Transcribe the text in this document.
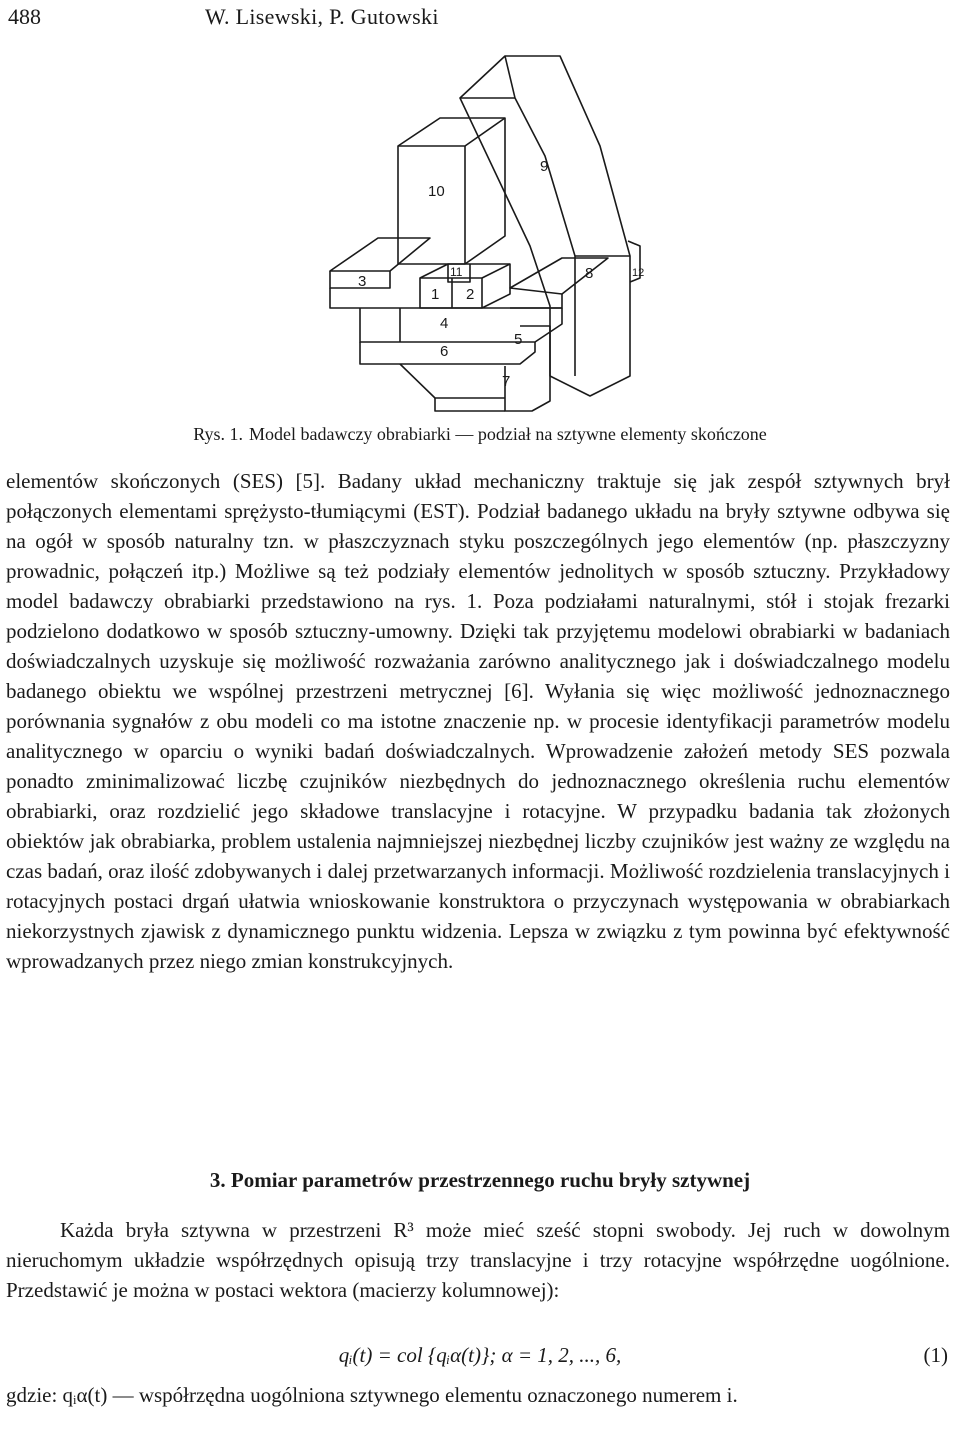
488	W. Lisewski, P. Gutowski
10
9
11
1 2
3
4
6
5
8	12
7
Rys. 1. Model badawczy obrabiarki — podział na sztywne elementy skończone

elementów skończonych (SES) [5]. Badany układ mechaniczny traktuje się jak zespół sztywnych brył połączonych elementami sprężysto-tłumiącymi (EST). Podział badanego układu na bryły sztywne odbywa się na ogół w sposób naturalny tzn. w płaszczyznach styku poszczególnych jego elementów (np. płaszczyzny prowadnic, połączeń itp.) Możliwe są też podziały elementów jednolitych w sposób sztuczny. Przykładowy model badawczy obrabiarki przedstawiono na rys. 1. Poza podziałami naturalnymi, stół i stojak frezarki podzielono dodatkowo w sposób sztuczny-umowny. Dzięki tak przyjętemu modelowi obrabiarki w badaniach doświadczalnych uzyskuje się możliwość rozważania zarówno analitycznego jak i doświadczalnego modelu badanego obiektu we wspólnej przestrzeni metrycznej [6]. Wyłania się więc możliwość jednoznacznego porównania sygnałów z obu modeli co ma istotne znaczenie np. w procesie identyfikacji parametrów modelu analitycznego w oparciu o wyniki badań doświadczalnych. Wprowadzenie założeń metody SES pozwala ponadto zminimalizować liczbę czujników niezbędnych do jednoznacznego określenia ruchu elementów obrabiarki, oraz rozdzielić jego składowe translacyjne i rotacyjne. W przypadku badania tak złożonych obiektów jak obrabiarka, problem ustalenia najmniejszej niezbędnej liczby czujników jest ważny ze względu na czas badań, oraz ilość zdobywanych i dalej przetwarzanych informacji. Możliwość rozdzielenia translacyjnych i rotacyjnych postaci drgań ułatwia wnioskowanie konstruktora o przyczynach występowania w obrabiarkach niekorzystnych zjawisk z dynamicznego punktu widzenia. Lepsza w związku z tym powinna być efektywność wprowadzanych przez niego zmian konstrukcyjnych.

3. Pomiar parametrów przestrzennego ruchu bryły sztywnej

Każda bryła sztywna w przestrzeni R³ może mieć sześć stopni swobody. Jej ruch w dowolnym nieruchomym układzie współrzędnych opisują trzy translacyjne i trzy rotacyjne współrzędne uogólnione. Przedstawić je można w postaci wektora (macierzy kolumnowej):

qᵢ(t) = col {qᵢα(t)}; α = 1, 2, ..., 6,	(1)
gdzie: qᵢα(t) — współrzędna uogólniona sztywnego elementu oznaczonego numerem i.
